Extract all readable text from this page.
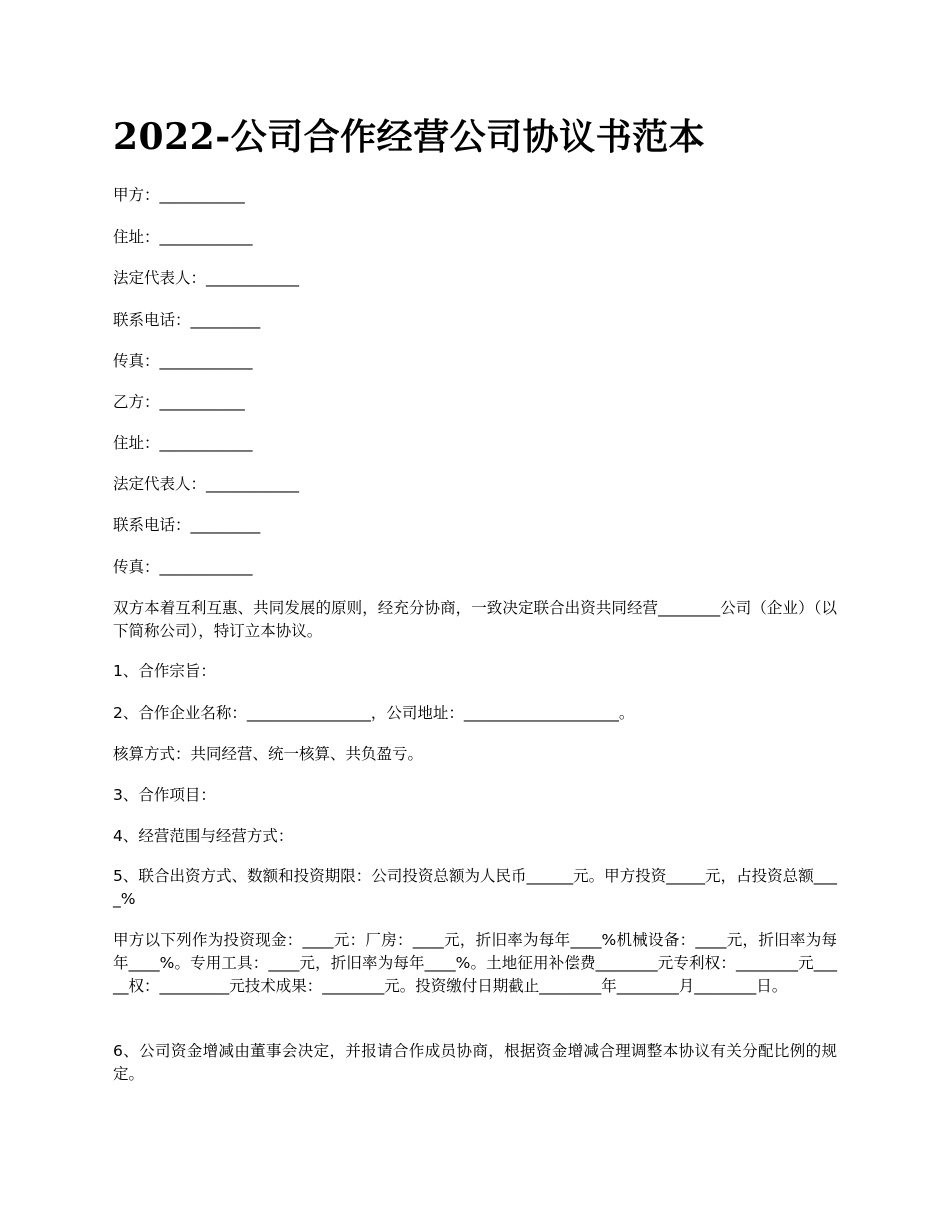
2022-公司合作经营公司协议书范本

甲方：___________

住址：____________

法定代表人：____________

联系电话：_________

传真：____________

乙方：___________

住址：____________

法定代表人：____________

联系电话：_________

传真：____________

双方本着互利互惠、共同发展的原则，经充分协商，一致决定联合出资共同经营________公司（企业）（以下简称公司），特订立本协议。

1、合作宗旨：

2、合作企业名称：________________，公司地址：____________________。

核算方式：共同经营、统一核算、共负盈亏。

3、合作项目：

4、经营范围与经营方式：

5、联合出资方式、数额和投资期限：公司投资总额为人民币______元。甲方投资_____元，占投资总额____%

甲方以下列作为投资现金：____元：厂房：____元，折旧率为每年____%机械设备：____元，折旧率为每年____%。专用工具：____元，折旧率为每年____%。土地征用补偿费________元专利权：________元_____权：_________元技术成果：________元。投资缴付日期截止________年________月________日。

6、公司资金增减由董事会决定，并报请合作成员协商，根据资金增减合理调整本协议有关分配比例的规定。
